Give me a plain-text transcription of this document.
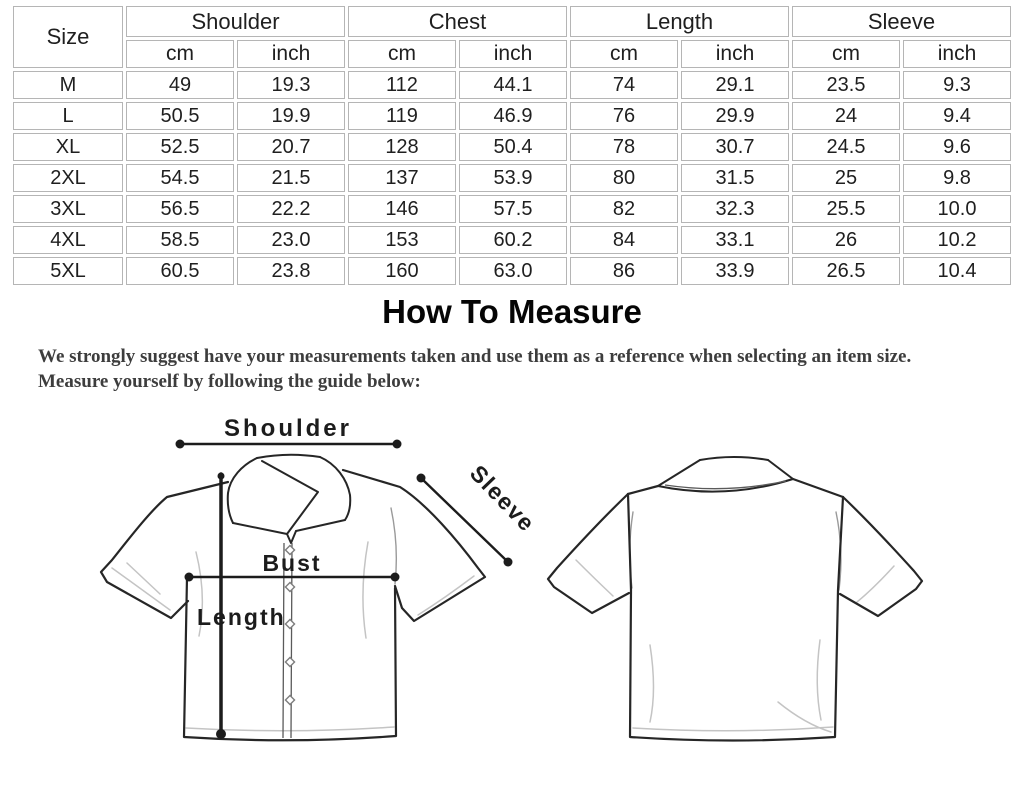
Size	Shoulder		Chest		Length		Sleeve	
	cm	inch	cm	inch	cm	inch	cm	inch
M	49	19.3	112	44.1	74	29.1	23.5	9.3
L	50.5	19.9	119	46.9	76	29.9	24	9.4
XL	52.5	20.7	128	50.4	78	30.7	24.5	9.6
2XL	54.5	21.5	137	53.9	80	31.5	25	9.8
3XL	56.5	22.2	146	57.5	82	32.3	25.5	10.0
4XL	58.5	23.0	153	60.2	84	33.1	26	10.2
5XL	60.5	23.8	160	63.0	86	33.9	26.5	10.4
How To Measure
We strongly suggest have your measurements taken and use them as a reference when selecting an item size.
Measure yourself by following the guide below:
Shoulder
Sleeve
Bust
Length
